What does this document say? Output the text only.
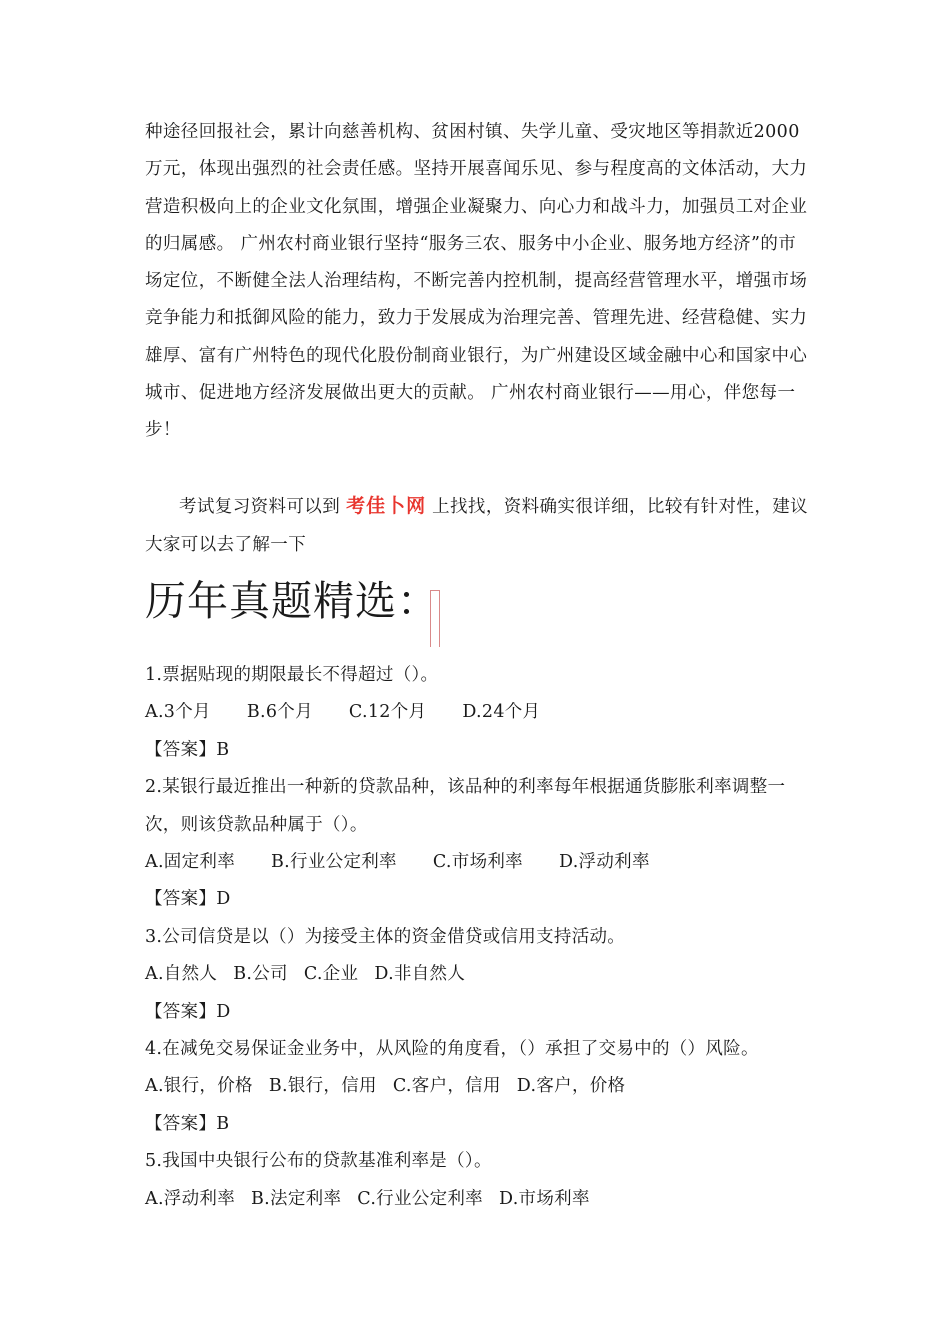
种途径回报社会，累计向慈善机构、贫困村镇、失学儿童、受灾地区等捐款近2000万元，体现出强烈的社会责任感。坚持开展喜闻乐见、参与程度高的文体活动，大力营造积极向上的企业文化氛围，增强企业凝聚力、向心力和战斗力，加强员工对企业的归属感。 广州农村商业银行坚持“服务三农、服务中小企业、服务地方经济”的市场定位，不断健全法人治理结构，不断完善内控机制，提高经营管理水平，增强市场竞争能力和抵御风险的能力，致力于发展成为治理完善、管理先进、经营稳健、实力雄厚、富有广州特色的现代化股份制商业银行，为广州建设区域金融中心和国家中心城市、促进地方经济发展做出更大的贡献。 广州农村商业银行——用心，伴您每一步！

考试复习资料可以到 考佳卜网 上找找，资料确实很详细，比较有针对性，建议大家可以去了解一下

历年真题精选：

1.票据贴现的期限最长不得超过（）。

A.3个月 B.6个月 C.12个月 D.24个月

【答案】B

2.某银行最近推出一种新的贷款品种，该品种的利率每年根据通货膨胀利率调整一次，则该贷款品种属于（）。

A.固定利率 B.行业公定利率 C.市场利率 D.浮动利率

【答案】D

3.公司信贷是以（）为接受主体的资金借贷或信用支持活动。

A.自然人 B.公司 C.企业 D.非自然人

【答案】D

4.在减免交易保证金业务中，从风险的角度看，（）承担了交易中的（）风险。

A.银行，价格 B.银行，信用 C.客户，信用 D.客户，价格

【答案】B

5.我国中央银行公布的贷款基准利率是（）。

A.浮动利率 B.法定利率 C.行业公定利率 D.市场利率
